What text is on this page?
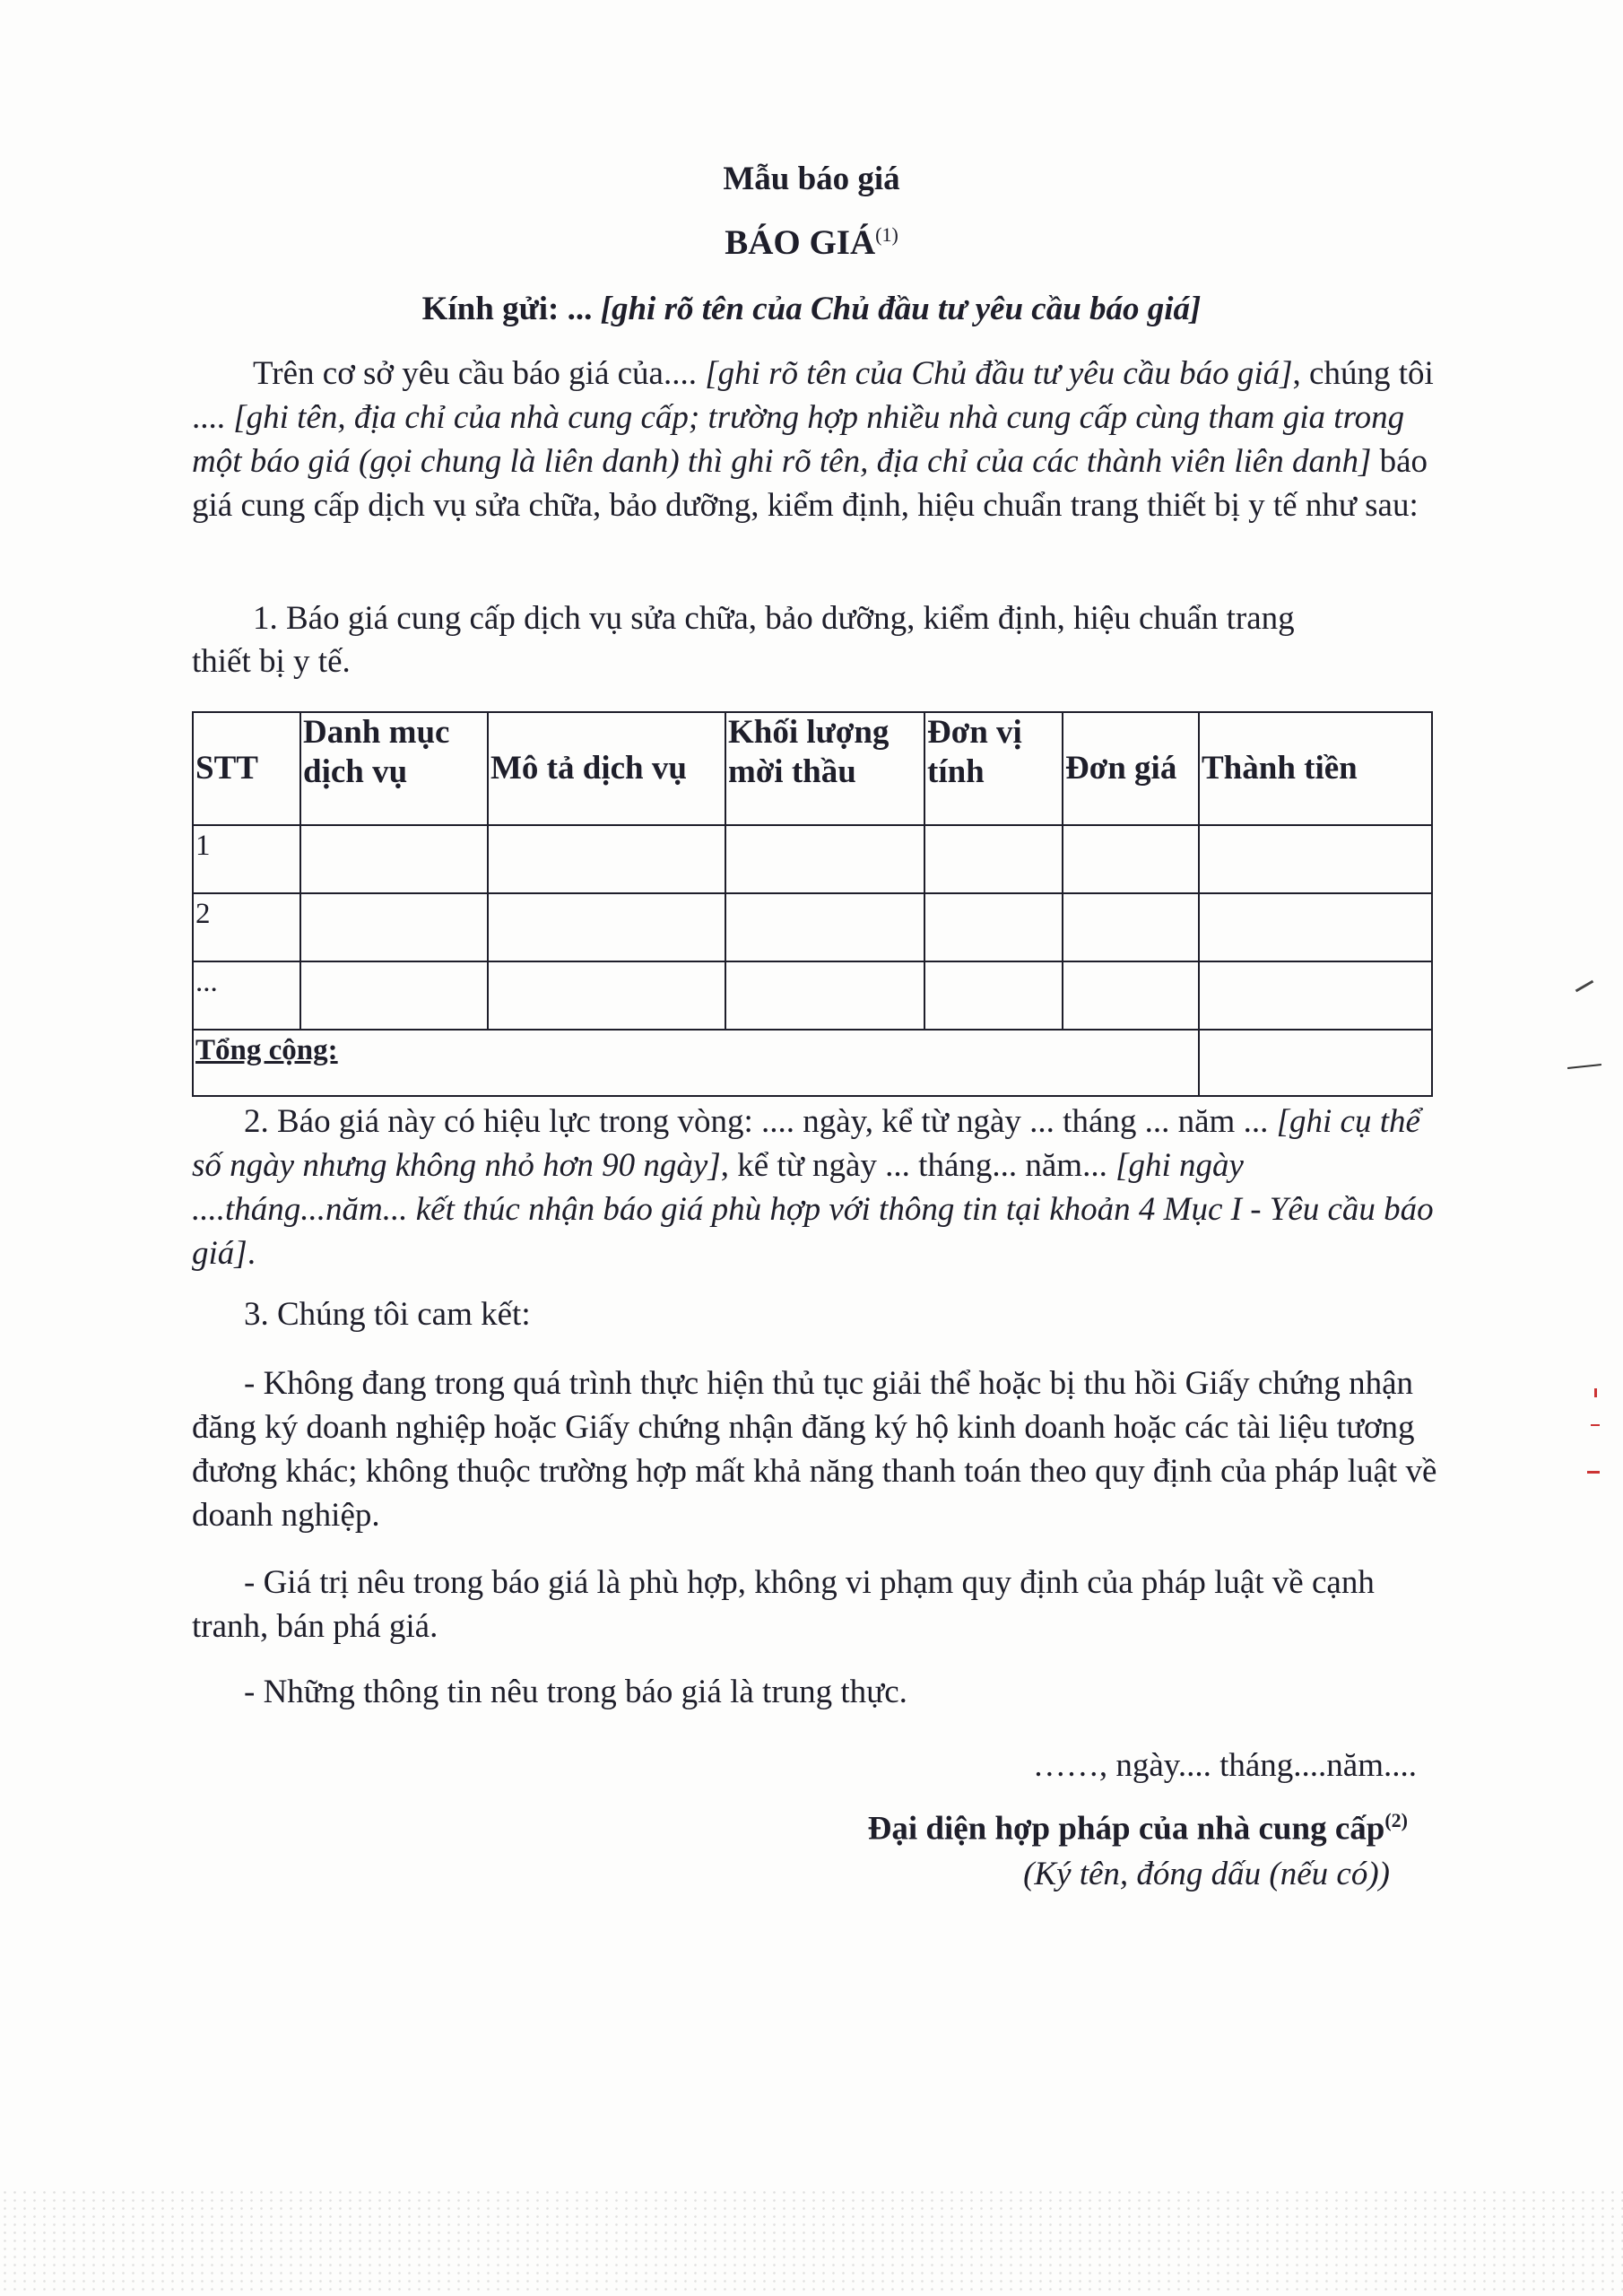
Mẫu báo giá
BÁO GIÁ$^{(1)}$
Kính gửi: ... [ghi rõ tên của Chủ đầu tư yêu cầu báo giá]

Trên cơ sở yêu cầu báo giá của.... [ghi rõ tên của Chủ đầu tư yêu cầu báo giá], chúng tôi .... [ghi tên, địa chỉ của nhà cung cấp; trường hợp nhiều nhà cung cấp cùng tham gia trong một báo giá (gọi chung là liên danh) thì ghi rõ tên, địa chỉ của các thành viên liên danh] báo giá cung cấp dịch vụ sửa chữa, bảo dưỡng, kiểm định, hiệu chuẩn trang thiết bị y tế như sau:

1. Báo giá cung cấp dịch vụ sửa chữa, bảo dưỡng, kiểm định, hiệu chuẩn trang
thiết bị y tế.
STT	Danh mục dịch vụ	Mô tả dịch vụ	Khối lượng mời thầu	Đơn vị tính	Đơn giá	Thành tiền
1						
2						
...						
Tổng cộng:						

2. Báo giá này có hiệu lực trong vòng: .... ngày, kể từ ngày ... tháng ... năm ... [ghi cụ thể số ngày nhưng không nhỏ hơn 90 ngày], kể từ ngày ... tháng... năm... [ghi ngày ....tháng...năm... kết thúc nhận báo giá phù hợp với thông tin tại khoản 4 Mục I - Yêu cầu báo giá].

3. Chúng tôi cam kết:

- Không đang trong quá trình thực hiện thủ tục giải thể hoặc bị thu hồi Giấy chứng nhận đăng ký doanh nghiệp hoặc Giấy chứng nhận đăng ký hộ kinh doanh hoặc các tài liệu tương đương khác; không thuộc trường hợp mất khả năng thanh toán theo quy định của pháp luật về doanh nghiệp.

- Giá trị nêu trong báo giá là phù hợp, không vi phạm quy định của pháp luật về cạnh tranh, bán phá giá.

- Những thông tin nêu trong báo giá là trung thực.

……, ngày.... tháng....năm....
Đại diện hợp pháp của nhà cung cấp$^{(2)}$
(Ký tên, đóng dấu (nếu có))
